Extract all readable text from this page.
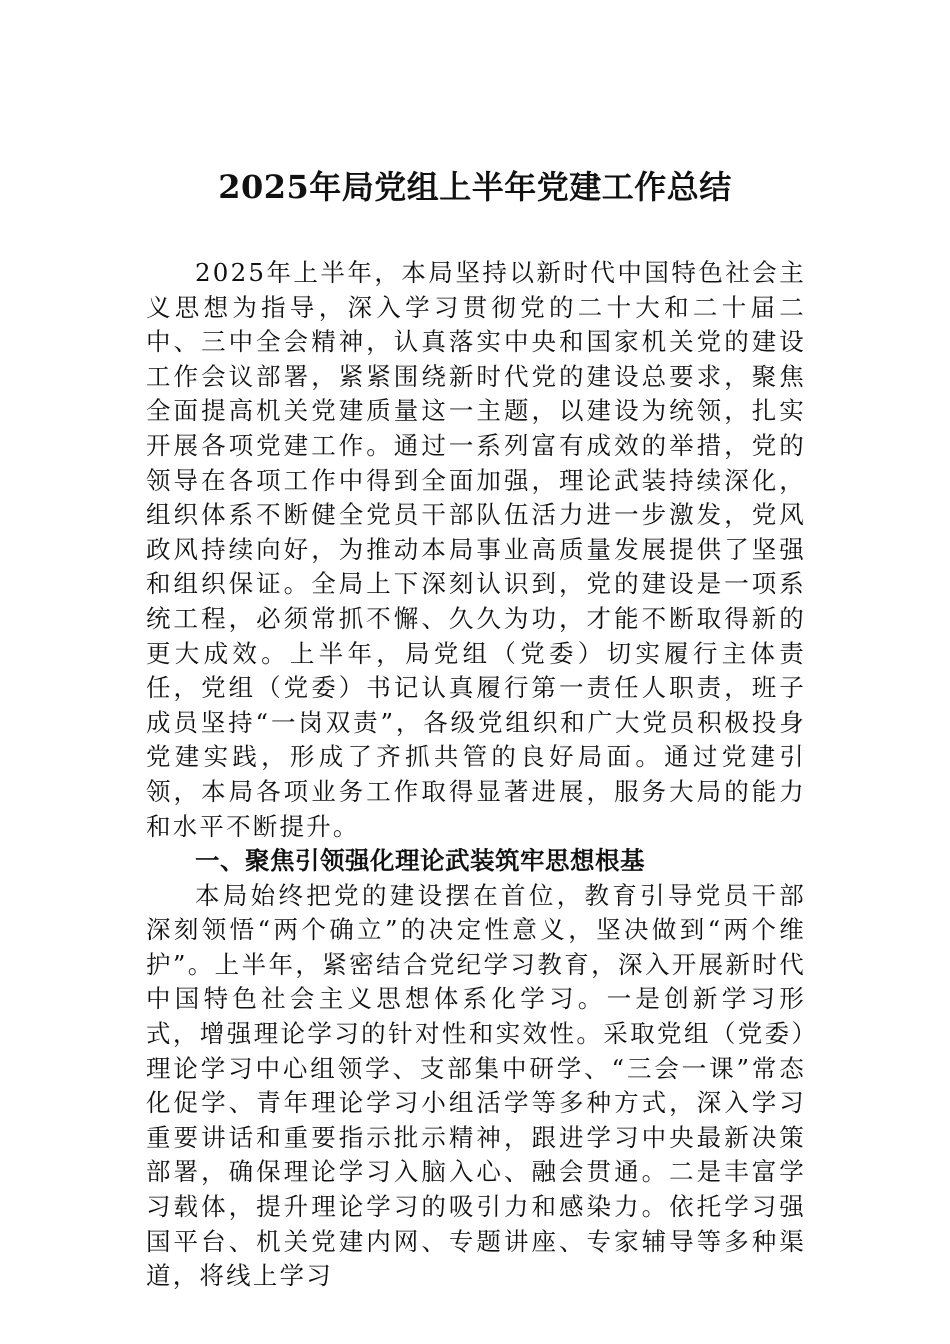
2025年局党组上半年党建工作总结

2025年上半年，本局坚持以新时代中国特色社会主义思想为指导，深入学习贯彻党的二十大和二十届二中、三中全会精神，认真落实中央和国家机关党的建设工作会议部署，紧紧围绕新时代党的建设总要求，聚焦全面提高机关党建质量这一主题，以建设为统领，扎实开展各项党建工作。通过一系列富有成效的举措，党的领导在各项工作中得到全面加强，理论武装持续深化，组织体系不断健全党员干部队伍活力进一步激发，党风政风持续向好，为推动本局事业高质量发展提供了坚强和组织保证。全局上下深刻认识到，党的建设是一项系统工程，必须常抓不懈、久久为功，才能不断取得新的更大成效。上半年，局党组（党委）切实履行主体责任，党组（党委）书记认真履行第一责任人职责，班子成员坚持“一岗双责”，各级党组织和广大党员积极投身党建实践，形成了齐抓共管的良好局面。通过党建引领，本局各项业务工作取得显著进展，服务大局的能力和水平不断提升。

一、聚焦引领强化理论武装筑牢思想根基

本局始终把党的建设摆在首位，教育引导党员干部深刻领悟“两个确立”的决定性意义，坚决做到“两个维护”。上半年，紧密结合党纪学习教育，深入开展新时代中国特色社会主义思想体系化学习。一是创新学习形式，增强理论学习的针对性和实效性。采取党组（党委）理论学习中心组领学、支部集中研学、“三会一课”常态化促学、青年理论学习小组活学等多种方式，深入学习重要讲话和重要指示批示精神，跟进学习中央最新决策部署，确保理论学习入脑入心、融会贯通。二是丰富学习载体，提升理论学习的吸引力和感染力。依托学习强国平台、机关党建内网、专题讲座、专家辅导等多种渠道，将线上学习
